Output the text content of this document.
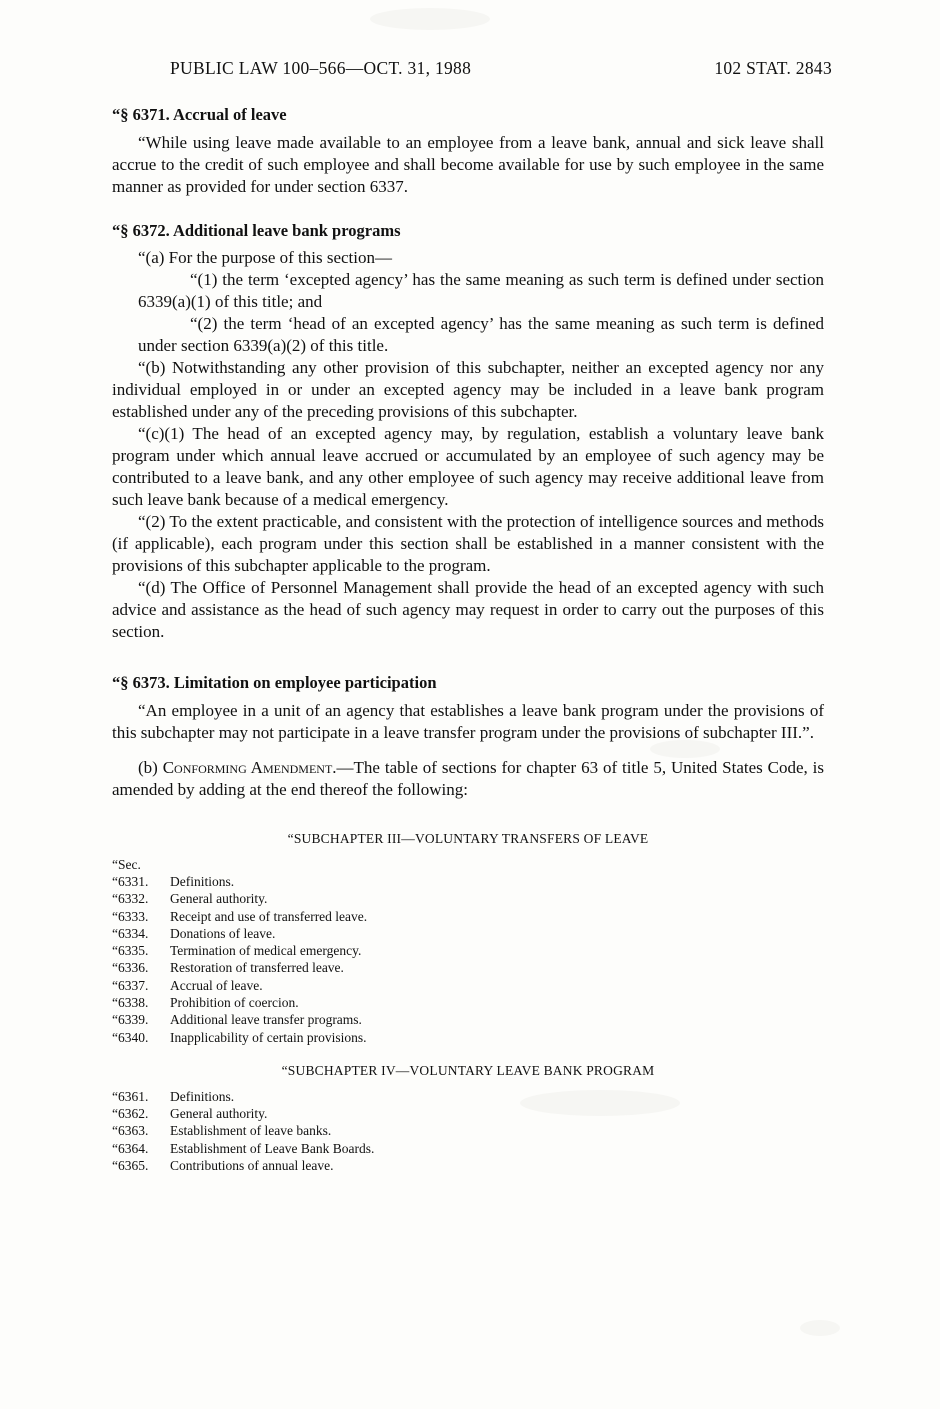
PUBLIC LAW 100–566—OCT. 31, 1988	102 STAT. 2843
“§ 6371. Accrual of leave

“While using leave made available to an employee from a leave bank, annual and sick leave shall accrue to the credit of such employee and shall become available for use by such employee in the same manner as provided for under section 6337.

“§ 6372. Additional leave bank programs

“(a) For the purpose of this section—

“(1) the term ‘excepted agency’ has the same meaning as such term is defined under section 6339(a)(1) of this title; and

“(2) the term ‘head of an excepted agency’ has the same meaning as such term is defined under section 6339(a)(2) of this title.

“(b) Notwithstanding any other provision of this subchapter, neither an excepted agency nor any individual employed in or under an excepted agency may be included in a leave bank program established under any of the preceding provisions of this subchapter.

“(c)(1) The head of an excepted agency may, by regulation, establish a voluntary leave bank program under which annual leave accrued or accumulated by an employee of such agency may be contributed to a leave bank, and any other employee of such agency may receive additional leave from such leave bank because of a medical emergency.

“(2) To the extent practicable, and consistent with the protection of intelligence sources and methods (if applicable), each program under this section shall be established in a manner consistent with the provisions of this subchapter applicable to the program.

“(d) The Office of Personnel Management shall provide the head of an excepted agency with such advice and assistance as the head of such agency may request in order to carry out the purposes of this section.

“§ 6373. Limitation on employee participation

“An employee in a unit of an agency that establishes a leave bank program under the provisions of this subchapter may not participate in a leave transfer program under the provisions of subchapter III.”.

(b) Conforming Amendment.—The table of sections for chapter 63 of title 5, United States Code, is amended by adding at the end thereof the following:

“SUBCHAPTER III—VOLUNTARY TRANSFERS OF LEAVE
“Sec.
“6331. Definitions.
“6332. General authority.
“6333. Receipt and use of transferred leave.
“6334. Donations of leave.
“6335. Termination of medical emergency.
“6336. Restoration of transferred leave.
“6337. Accrual of leave.
“6338. Prohibition of coercion.
“6339. Additional leave transfer programs.
“6340. Inapplicability of certain provisions.
“SUBCHAPTER IV—VOLUNTARY LEAVE BANK PROGRAM
“6361. Definitions.
“6362. General authority.
“6363. Establishment of leave banks.
“6364. Establishment of Leave Bank Boards.
“6365. Contributions of annual leave.
